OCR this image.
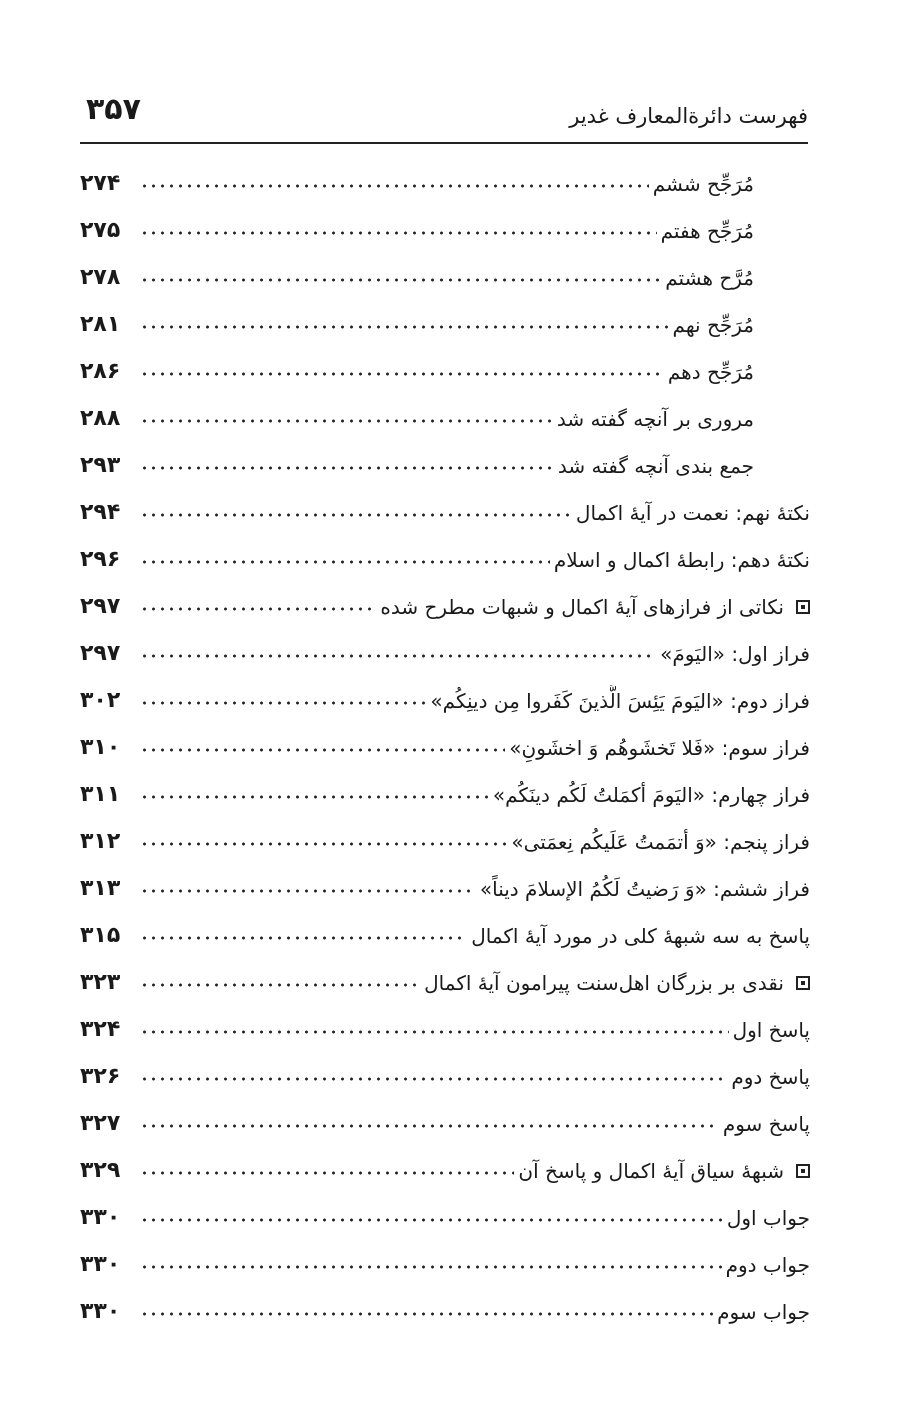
۳۵۷	فهرست دائرة‌المعارف غدیر
مُرَجِّح ششم
۲۷۴
مُرَجِّح هفتم
۲۷۵
مُرَّح هشتم
۲۷۸
مُرَجِّح نهم
۲۸۱
مُرَجِّح دهم
۲۸۶
مروری بر آنچه گفته شد
۲۸۸
جمع بندی آنچه گفته شد
۲۹۳
نکتهٔ نهم: نعمت در آیهٔ اکمال
۲۹۴
نکتهٔ دهم: رابطهٔ اکمال و اسلام
۲۹۶
نکاتی از فرازهای آیهٔ اکمال و شبهات مطرح شده
۲۹۷
فراز اول: «اليَومَ»
۲۹۷
فراز دوم: «اليَومَ يَئِسَ الَّذينَ كَفَروا مِن دينِكُم»
۳۰۲
فراز سوم: «فَلا تَخشَوهُم وَ اخشَونِ»
۳۱۰
فراز چهارم: «اليَومَ أكمَلتُ لَكُم دينَكُم»
۳۱۱
فراز پنجم: «وَ أتمَمتُ عَلَيكُم نِعمَتى»
۳۱۲
فراز ششم: «وَ رَضيتُ لَكُمُ الإسلامَ ديناً»
۳۱۳
پاسخ به سه شبههٔ کلی در مورد آیهٔ اکمال
۳۱۵
نقدی بر بزرگان اهل‌سنت پیرامون آیهٔ اکمال
۳۲۳
پاسخ اول
۳۲۴
پاسخ دوم
۳۲۶
پاسخ سوم
۳۲۷
شبههٔ سیاق آیهٔ اکمال و پاسخ آن
۳۲۹
جواب اول
۳۳۰
جواب دوم
۳۳۰
جواب سوم
۳۳۰
